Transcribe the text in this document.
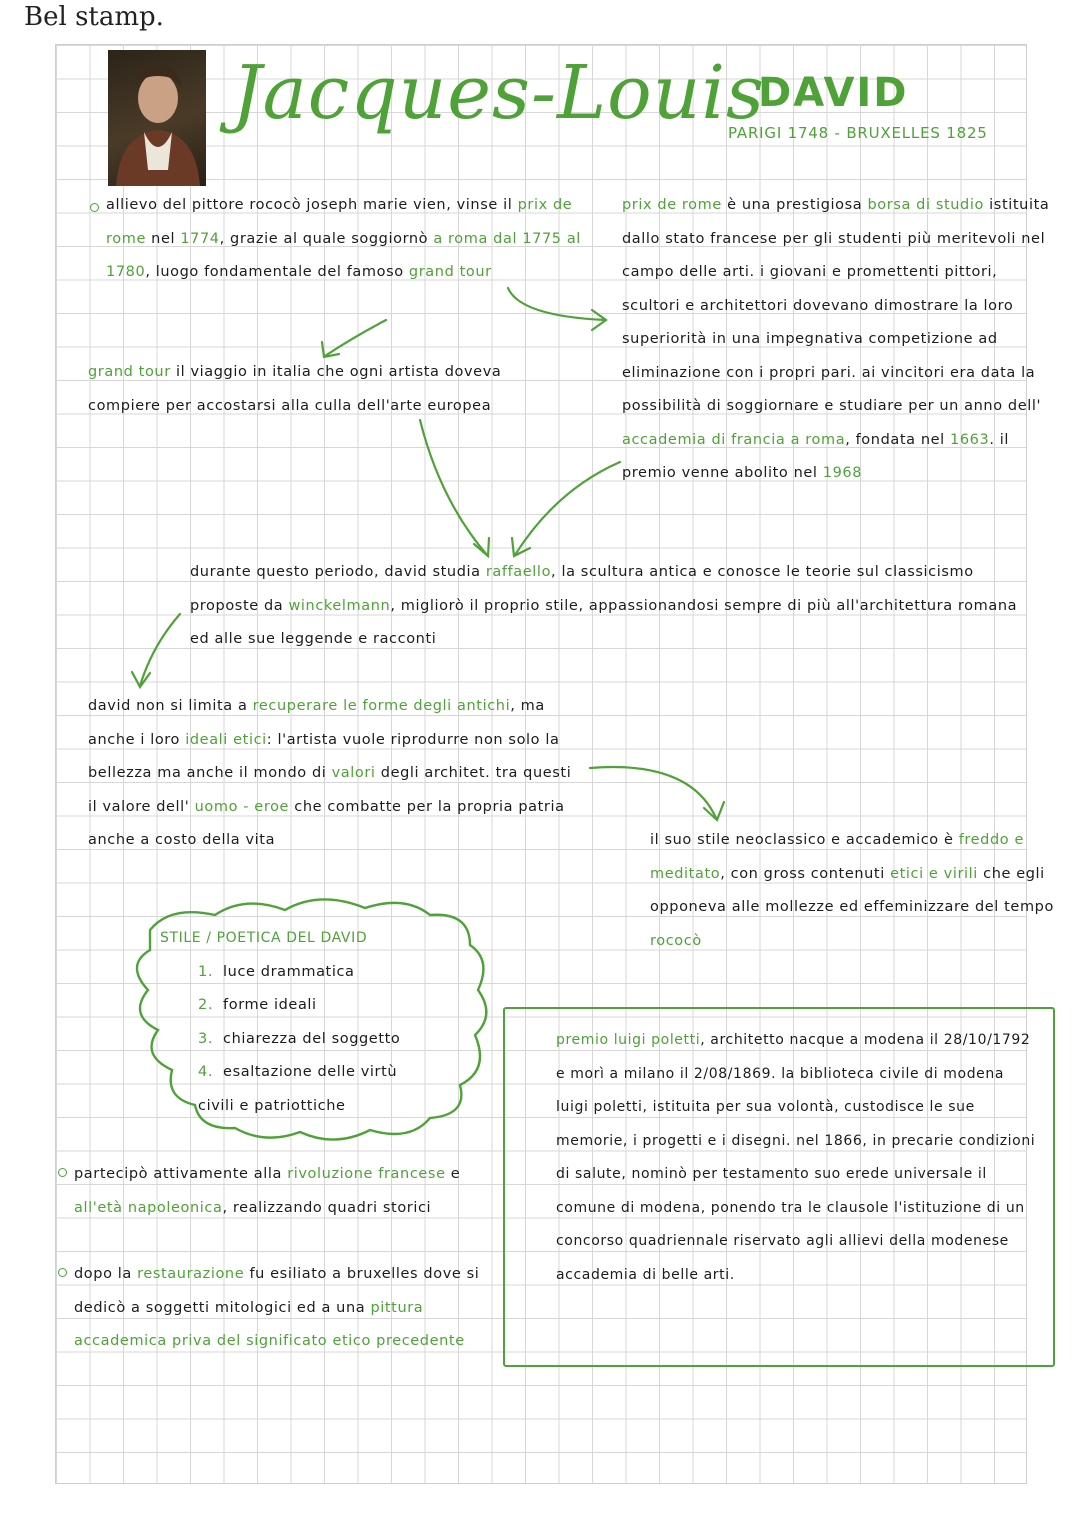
Bel stamp.
Jacques-Louis
DAVID
PARIGI 1748 - BRUXELLES 1825
allievo del pittore rococò joseph marie vien, vinse il prix de rome nel 1774, grazie al quale soggiornò a roma dal 1775 al 1780, luogo fondamentale del famoso grand tour
grand tour il viaggio in italia che ogni artista doveva compiere per accostarsi alla culla dell'arte europea
prix de rome è una prestigiosa borsa di studio istituita dallo stato francese per gli studenti più meritevoli nel campo delle arti. i giovani e promettenti pittori, scultori e architettori dovevano dimostrare la loro superiorità in una impegnativa competizione ad eliminazione con i propri pari. ai vincitori era data la possibilità di soggiornare e studiare per un anno dell' accademia di francia a roma, fondata nel 1663. il premio venne abolito nel 1968
durante questo periodo, david studia raffaello, la scultura antica e conosce le teorie sul classicismo proposte da winckelmann, migliorò il proprio stile, appassionandosi sempre di più all'architettura romana ed alle sue leggende e racconti
david non si limita a recuperare le forme degli antichi, ma anche i loro ideali etici: l'artista vuole riprodurre non solo la bellezza ma anche il mondo di valori degli architet. tra questi il valore dell' uomo - eroe che combatte per la propria patria anche a costo della vita	il suo stile neoclassico e accademico è freddo e meditato, con gross contenuti etici e virili che egli opponeva alle mollezze ed effeminizzare del tempo rococò
STILE / POETICA DEL DAVID
1. luce drammatica
2. forme ideali
3. chiarezza del soggetto
4. esaltazione delle virtù civili e patriottiche
partecipò attivamente alla rivoluzione francese e all'età napoleonica, realizzando quadri storici
dopo la restaurazione fu esiliato a bruxelles dove si dedicò a soggetti mitologici ed a una pittura accademica priva del significato etico precedente
premio luigi poletti, architetto nacque a modena il 28/10/1792 e morì a milano il 2/08/1869. la biblioteca civile di modena luigi poletti, istituita per sua volontà, custodisce le sue memorie, i progetti e i disegni. nel 1866, in precarie condizioni di salute, nominò per testamento suo erede universale il comune di modena, ponendo tra le clausole l'istituzione di un concorso quadriennale riservato agli allievi della modenese accademia di belle arti.
